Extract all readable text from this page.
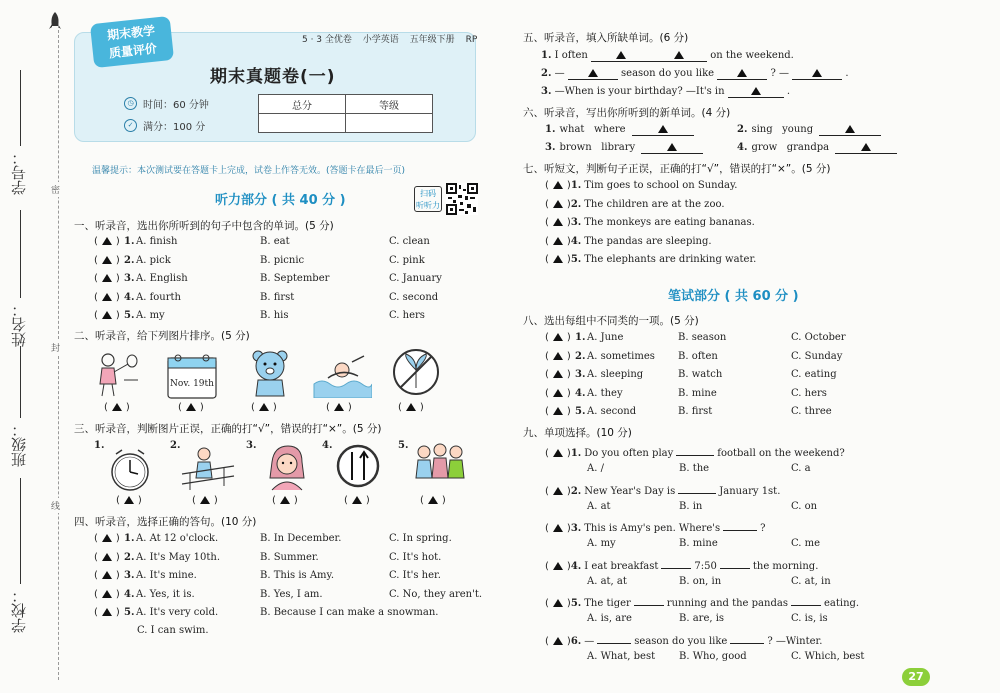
密
封
线
学号：
姓名：
班级：
学校：
期末教学
质量评价
5 · 3 全优卷 小学英语 五年级下册 RP
期末真题卷(一)
◷ 时间：60 分钟
✓ 满分：100 分
总分	等级

温馨提示：本次测试要在答题卡上完成，试卷上作答无效。(答题卡在最后一页)
听力部分 ( 共 40 分 )	扫码
听听力
一、听录音，选出你所听到的句子中包含的单词。(5 分)
( ) 1. A. finish	B. eat	C. clean
( ) 2. A. pick	B. picnic	C. pink
( ) 3. A. English	B. September	C. January
( ) 4. A. fourth	B. first	C. second
( ) 5. A. my	B. his	C. hers
二、听录音，给下列图片排序。(5 分)
Nov. 19th
( )	( )	( )	( )	( )
三、听录音，判断图片正误，正确的打“√”，错误的打“×”。(5 分)
1.	2.	3.	4.	5.
( )	( )	( )	( )	( )
四、听录音，选择正确的答句。(10 分)
( ) 1. A. At 12 o'clock.	B. In December.	C. In spring.
( ) 2. A. It's May 10th.	B. Summer.	C. It's hot.
( ) 3. A. It's mine.	B. This is Amy.	C. It's her.
( ) 4. A. Yes, it is.	B. Yes, I am.	C. No, they aren't.
( ) 5. A. It's very cold.	B. Because I can make a snowman.
C. I can swim.
五、听录音，填入所缺单词。(6 分)
1. I often	on the weekend.
2. —	season do you like	? —	.
3. —When is your birthday? —It's in	.
六、听录音，写出你所听到的新单词。(4 分)
1. what   where	2. sing   young
3. brown   library	4. grow   grandpa
七、听短文，判断句子正误，正确的打“√”，错误的打“×”。(5 分)
( )1. Tim goes to school on Sunday.
( )2. The children are at the zoo.
( )3. The monkeys are eating bananas.
( )4. The pandas are sleeping.
( )5. The elephants are drinking water.
笔试部分 ( 共 60 分 )
八、选出每组中不同类的一项。(5 分)
( ) 1. A. June	B. season	C. October
( ) 2. A. sometimes B. often	C. Sunday
( ) 3. A. sleeping	B. watch	C. eating
( ) 4. A. they	B. mine	C. hers
( ) 5. A. second	B. first	C. three
九、单项选择。(10 分)
( )1. Do you often play	football on the weekend?
A. /	B. the	C. a
( )2. New Year's Day is	January 1st.
A. at	B. in	C. on
( )3. This is Amy's pen. Where's	?
A. my	B. mine	C. me
( )4. I eat breakfast	7:50	the morning.
A. at, at	B. on, in	C. at, in
( )5. The tiger	running and the pandas	eating.
A. is, are	B. are, is	C. is, is
( )6. —	season do you like	? —Winter.
A. What, best B. Who, good	C. Which, best
27
